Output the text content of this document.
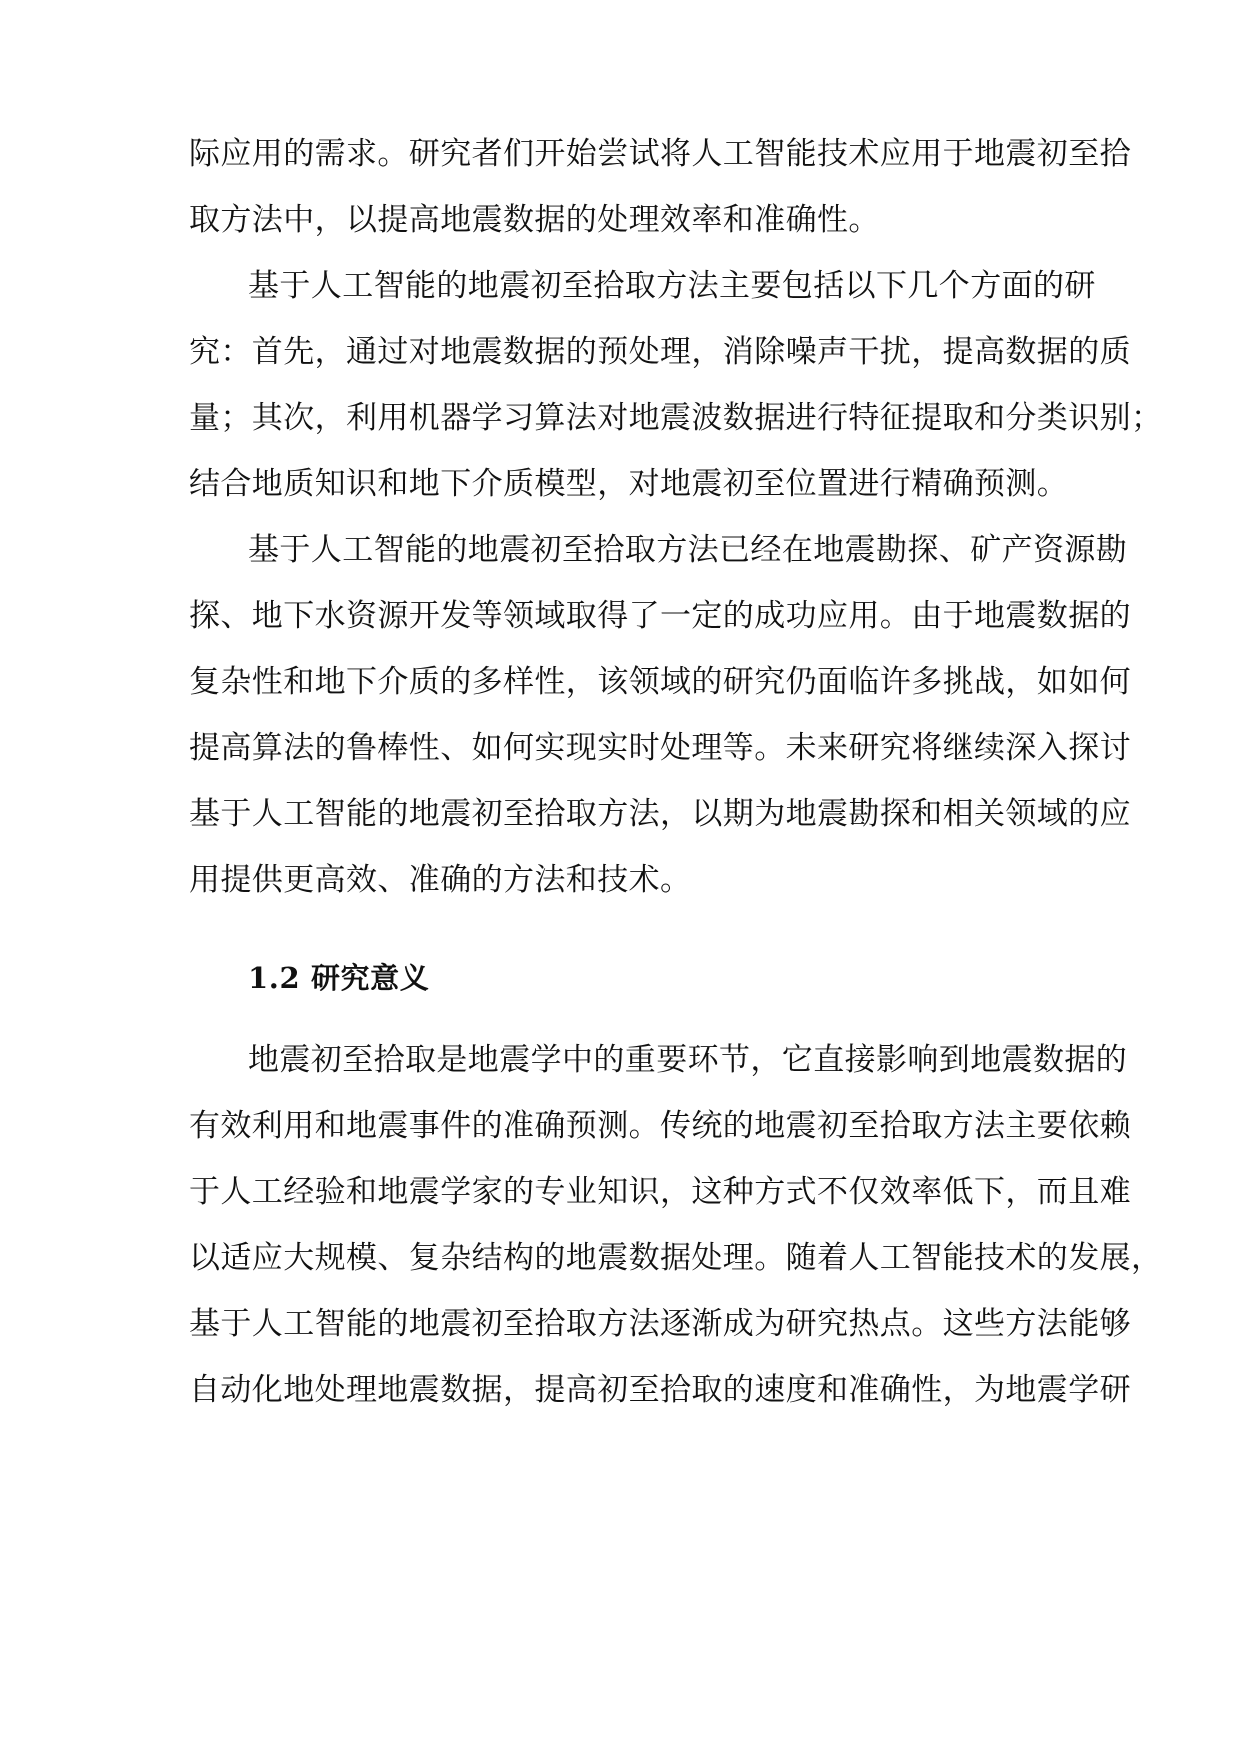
际应用的需求。研究者们开始尝试将人工智能技术应用于地震初至拾
取方法中，以提高地震数据的处理效率和准确性。
基于人工智能的地震初至拾取方法主要包括以下几个方面的研
究：首先，通过对地震数据的预处理，消除噪声干扰，提高数据的质
量；其次，利用机器学习算法对地震波数据进行特征提取和分类识别；
结合地质知识和地下介质模型，对地震初至位置进行精确预测。
基于人工智能的地震初至拾取方法已经在地震勘探、矿产资源勘
探、地下水资源开发等领域取得了一定的成功应用。由于地震数据的
复杂性和地下介质的多样性，该领域的研究仍面临许多挑战，如如何
提高算法的鲁棒性、如何实现实时处理等。未来研究将继续深入探讨
基于人工智能的地震初至拾取方法，以期为地震勘探和相关领域的应
用提供更高效、准确的方法和技术。
1.2 研究意义
地震初至拾取是地震学中的重要环节，它直接影响到地震数据的
有效利用和地震事件的准确预测。传统的地震初至拾取方法主要依赖
于人工经验和地震学家的专业知识，这种方式不仅效率低下，而且难
以适应大规模、复杂结构的地震数据处理。随着人工智能技术的发展，
基于人工智能的地震初至拾取方法逐渐成为研究热点。这些方法能够
自动化地处理地震数据，提高初至拾取的速度和准确性，为地震学研
